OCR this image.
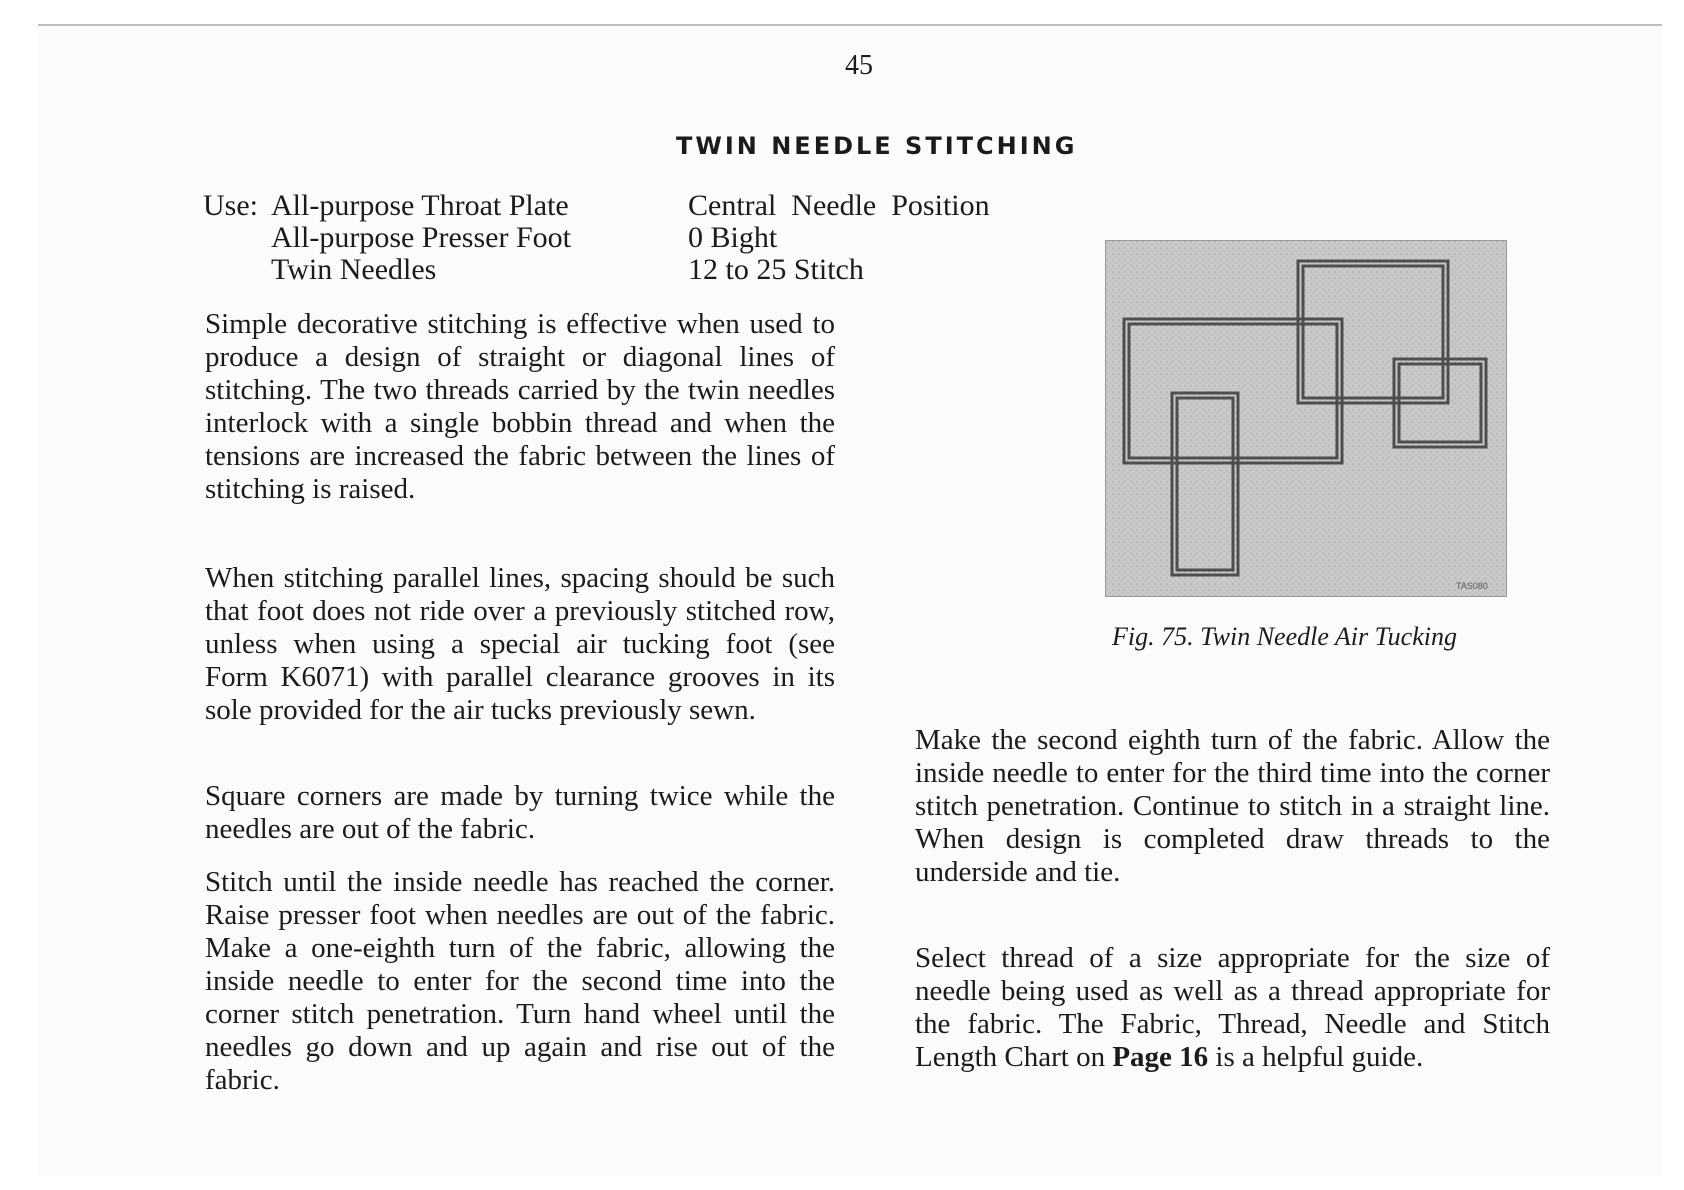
45
TWIN NEEDLE STITCHING
Use: All-purpose Throat Plate
All-purpose Presser Foot
Twin Needles
Central  Needle  Position
0 Bight
12 to 25 Stitch

Simple decorative stitching is effective when used to produce a design of straight or diagonal lines of stitching. The two threads carried by the twin needles interlock with a single bobbin thread and when the tensions are increased the fabric between the lines of stitching is raised.

When stitching parallel lines, spacing should be such that foot does not ride over a previously stitched row, unless when using a special air tucking foot (see Form K6071) with parallel clearance grooves in its sole provided for the air tucks previously sewn.

Square corners are made by turning twice while the needles are out of the fabric.

Stitch until the inside needle has reached the corner. Raise presser foot when needles are out of the fabric. Make a one-eighth turn of the fabric, allowing the inside needle to enter for the second time into the corner stitch penetration. Turn hand wheel until the needles go down and up again and rise out of the fabric.

TAS080
Fig. 75. Twin Needle Air Tucking

Make the second eighth turn of the fabric. Allow the inside needle to enter for the third time into the corner stitch penetration. Continue to stitch in a straight line. When design is completed draw threads to the underside and tie.

Select thread of a size appropriate for the size of needle being used as well as a thread appropriate for the fabric. The Fabric, Thread, Needle and Stitch Length Chart on Page 16 is a helpful guide.
